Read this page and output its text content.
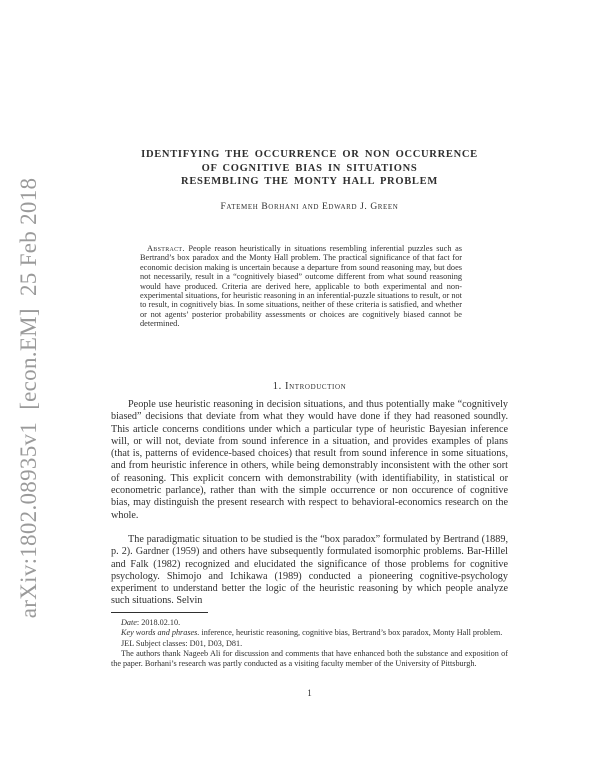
arXiv:1802.08935v1  [econ.EM]  25 Feb 2018
IDENTIFYING THE OCCURRENCE OR NON OCCURRENCE
OF COGNITIVE BIAS IN SITUATIONS
RESEMBLING THE MONTY HALL PROBLEM
Fatemeh Borhani and Edward J. Green

Abstract. People reason heuristically in situations resembling inferential puzzles such as Bertrand’s box paradox and the Monty Hall problem. The practical significance of that fact for economic decision making is uncertain because a departure from sound reasoning may, but does not necessarily, result in a “cognitively biased” outcome different from what sound reasoning would have produced. Criteria are derived here, applicable to both experimental and non-experimental situations, for heuristic reasoning in an inferential-puzzle situations to result, or not to result, in cognitively bias. In some situations, neither of these criteria is satisfied, and whether or not agents’ posterior probability assessments or choices are cognitively biased cannot be determined.

1. Introduction

People use heuristic reasoning in decision situations, and thus potentially make “cognitively biased” decisions that deviate from what they would have done if they had reasoned soundly. This article concerns conditions under which a particular type of heuristic Bayesian inference will, or will not, deviate from sound inference in a situation, and provides examples of plans (that is, patterns of evidence-based choices) that result from sound inference in some situations, and from heuristic inference in others, while being demonstrably inconsistent with the other sort of reasoning. This explicit concern with demonstrability (with identifiability, in statistical or econometric parlance), rather than with the simple occurrence or non occurence of cognitive bias, may distinguish the present research with respect to behavioral-economics research on the whole.

The paradigmatic situation to be studied is the “box paradox” formulated by Bertrand (1889, p. 2). Gardner (1959) and others have subsequently formulated isomorphic problems. Bar-Hillel and Falk (1982) recognized and elucidated the significance of those problems for cognitive psychology. Shimojo and Ichikawa (1989) conducted a pioneering cognitive-psychology experiment to understand better the logic of the heuristic reasoning by which people analyze such situations. Selvin

Date: 2018.02.10.

Key words and phrases. inference, heuristic reasoning, cognitive bias, Bertrand’s box paradox, Monty Hall problem.

JEL Subject classes: D01, D03, D81.

The authors thank Nageeb Ali for discussion and comments that have enhanced both the substance and exposition of the paper. Borhani’s research was partly conducted as a visiting faculty member of the University of Pittsburgh.

1
